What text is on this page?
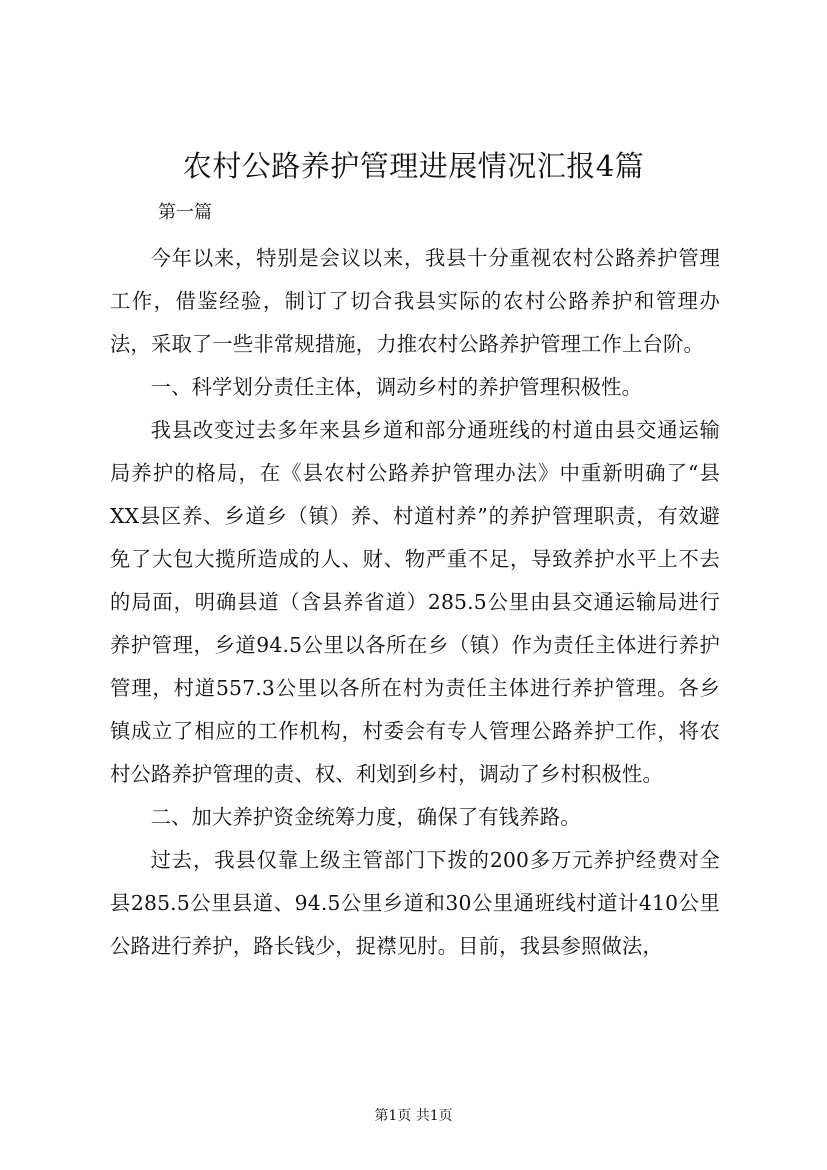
农村公路养护管理进展情况汇报4篇
第一篇

今年以来，特别是会议以来，我县十分重视农村公路养护管理工作，借鉴经验，制订了切合我县实际的农村公路养护和管理办法，采取了一些非常规措施，力推农村公路养护管理工作上台阶。

一、科学划分责任主体，调动乡村的养护管理积极性。

我县改变过去多年来县乡道和部分通班线的村道由县交通运输局养护的格局，在《县农村公路养护管理办法》中重新明确了“县XX县区养、乡道乡（镇）养、村道村养”的养护管理职责，有效避免了大包大揽所造成的人、财、物严重不足，导致养护水平上不去的局面，明确县道（含县养省道）285.5公里由县交通运输局进行养护管理，乡道94.5公里以各所在乡（镇）作为责任主体进行养护管理，村道557.3公里以各所在村为责任主体进行养护管理。各乡镇成立了相应的工作机构，村委会有专人管理公路养护工作，将农村公路养护管理的责、权、利划到乡村，调动了乡村积极性。

二、加大养护资金统筹力度，确保了有钱养路。

过去，我县仅靠上级主管部门下拨的200多万元养护经费对全县285.5公里县道、94.5公里乡道和30公里通班线村道计410公里公路进行养护，路长钱少，捉襟见肘。目前，我县参照做法，

第1页 共1页
